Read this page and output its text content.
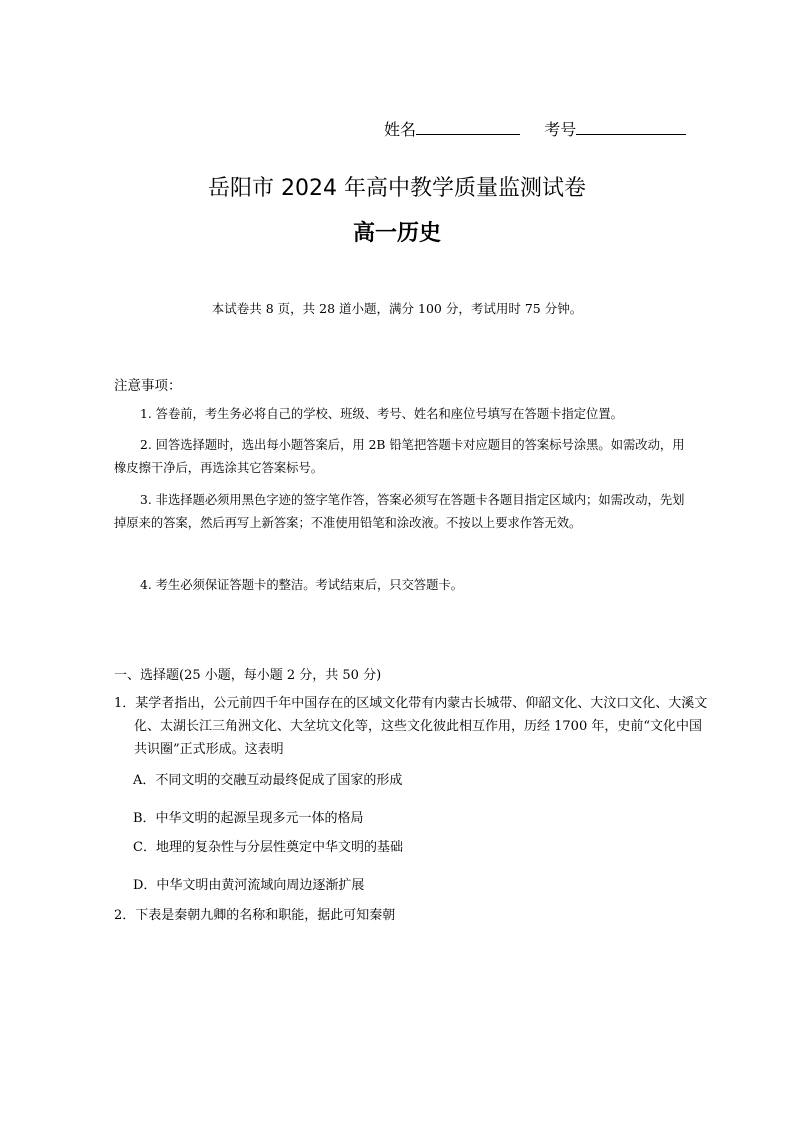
姓名	考号
岳阳市 2024 年高中教学质量监测试卷
高一历史
本试卷共 8 页，共 28 道小题，满分 100 分，考试用时 75 分钟。
注意事项：
1. 答卷前，考生务必将自己的学校、班级、考号、姓名和座位号填写在答题卡指定位置。
2. 回答选择题时，选出每小题答案后，用 2B 铅笔把答题卡对应题目的答案标号涂黑。如需改动，用橡皮擦干净后，再选涂其它答案标号。
3. 非选择题必须用黑色字迹的签字笔作答，答案必须写在答题卡各题目指定区域内；如需改动，先划掉原来的答案，然后再写上新答案；不准使用铅笔和涂改液。不按以上要求作答无效。
4. 考生必须保证答题卡的整洁。考试结束后，只交答题卡。
一、选择题(25 小题，每小题 2 分，共 50 分)
1．某学者指出，公元前四千年中国存在的区域文化带有内蒙古长城带、仰韶文化、大汶口文化、大溪文化、太湖长江三角洲文化、大坌坑文化等，这些文化彼此相互作用，历经 1700 年，史前“文化中国共识圈”正式形成。这表明
A．不同文明的交融互动最终促成了国家的形成
B．中华文明的起源呈现多元一体的格局
C．地理的复杂性与分层性奠定中华文明的基础
D．中华文明由黄河流域向周边逐渐扩展
2．下表是秦朝九卿的名称和职能，据此可知秦朝
